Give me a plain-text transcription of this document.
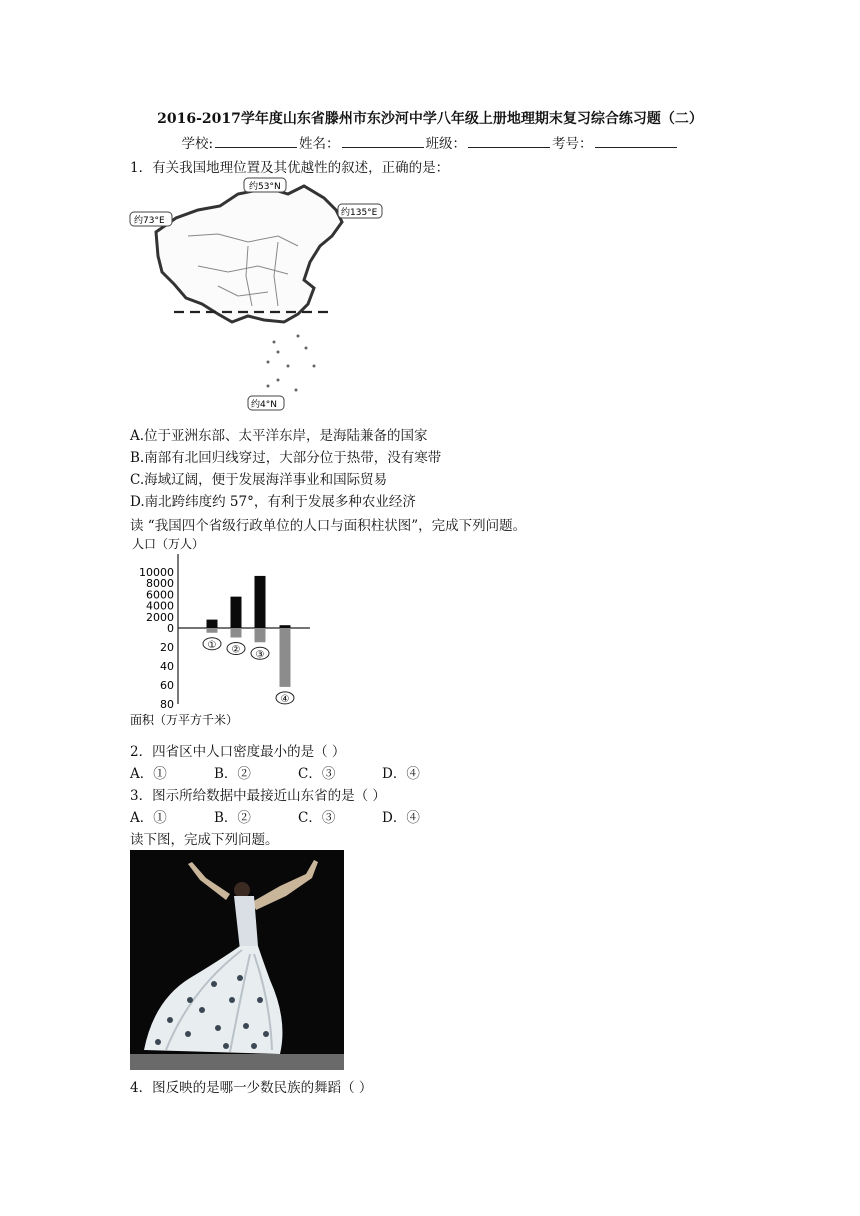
2016-2017学年度山东省滕州市东沙河中学八年级上册地理期末复习综合练习题（二）
学校:	姓名：	班级：	考号：
1．有关我国地理位置及其优越性的叙述，正确的是：
约53°N
约73°E
约135°E
约4°N
A.位于亚洲东部、太平洋东岸，是海陆兼备的国家
B.南部有北回归线穿过，大部分位于热带，没有寒带
C.海域辽阔，便于发展海洋事业和国际贸易
D.南北跨纬度约 57°，有利于发展多种农业经济
读 “我国四个省级行政单位的人口与面积柱状图”，完成下列问题。
人口（万人）
面积（万平方千米）
10000
8000
6000
4000
2000
0
20
40
60
80
① ② ③
④
2．四省区中人口密度最小的是（ ）
A．①	B．②	C．③	D．④
3．图示所给数据中最接近山东省的是（ ）
A．①	B．②	C．③	D．④
读下图，完成下列问题。
4．图反映的是哪一少数民族的舞蹈（ ）
